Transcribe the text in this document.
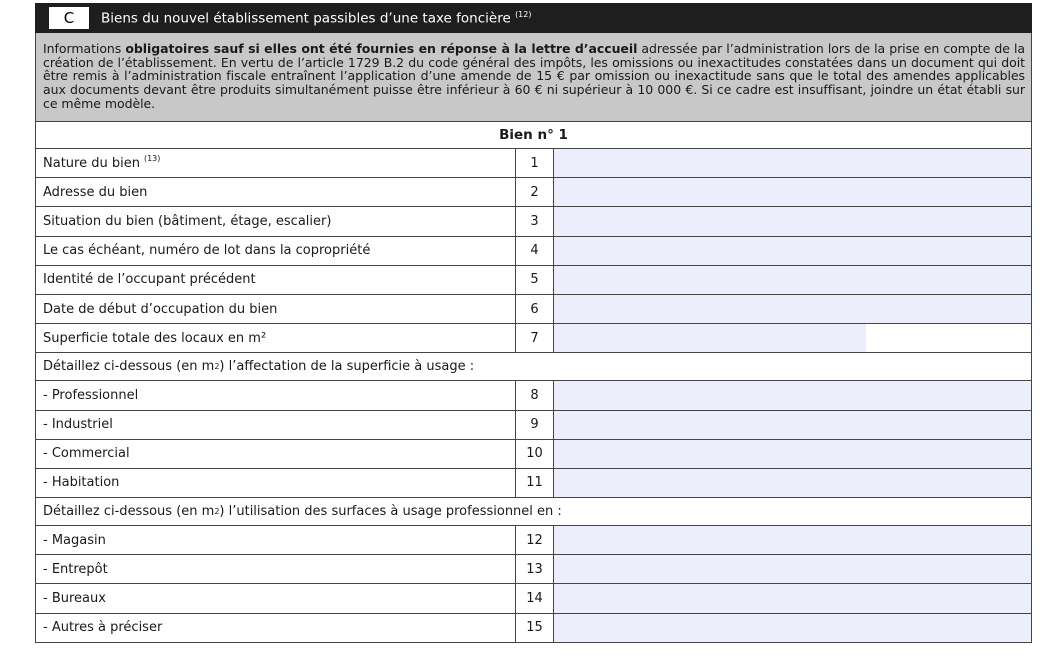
C	Biens du nouvel établissement passibles d’une taxe foncière $^{(12)}$
Informations obligatoires sauf si elles ont été fournies en réponse à la lettre d’accueil adressée par l’administration lors de la prise en compte de la création de l’établissement. En vertu de l’article 1729 B.2 du code général des impôts, les omissions ou inexactitudes constatées dans un document qui doit être remis à l’administration fiscale entraînent l’application d’une amende de 15 € par omission ou inexactitude sans que le total des amendes applicables aux documents devant être produits simultanément puisse être inférieur à 60 € ni supérieur à 10 000 €. Si ce cadre est insuffisant, joindre un état établi sur ce même modèle.
Bien n° 1
Nature du bien $^{(13)}$	1
Adresse du bien	2
Situation du bien (bâtiment, étage, escalier)	3
Le cas échéant, numéro de lot dans la copropriété	4
Identité de l’occupant précédent	5
Date de début d’occupation du bien	6
Superficie totale des locaux en m²	7
Détaillez ci-dessous (en m 2 ) l’affectation de la superficie à usage :
- Professionnel	8
- Industriel	9
- Commercial	10
- Habitation	11
Détaillez ci-dessous (en m 2 ) l’utilisation des surfaces à usage professionnel en :
- Magasin	12
- Entrepôt	13
- Bureaux	14
- Autres à préciser	15
